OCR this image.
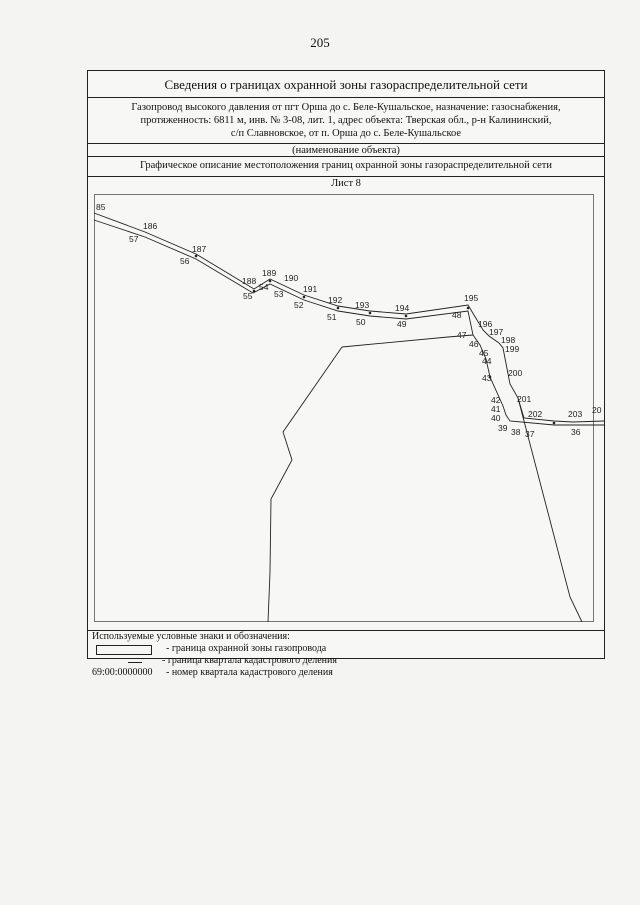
205
Сведения о границах охранной зоны газораспределительной сети
Газопровод высокого давления от пгт Орша до с. Беле-Кушальское, назначение: газоснабжения,
протяженность: 6811 м, инв. № 3-08, лит. 1, адрес объекта: Тверская обл., р-н Калининский,
с/п Славновское, от п. Орша до с. Беле-Кушальское
(наименование объекта)
Графическое описание местоположения границ охранной зоны газораспределительной сети
Лист 8
85
186
187
188
189 190
191
192 193	194
195
196
197
198
199
200
201
202	203 20
57
56
55
54
53
52
51 50	49
48
47
46
45
44
43
42
41
40
39 38 37	36
Используемые условные знаки и обозначения:
- граница охранной зоны газопровода
- граница квартала кадастрового деления
69:00:0000000 - номер квартала кадастрового деления
